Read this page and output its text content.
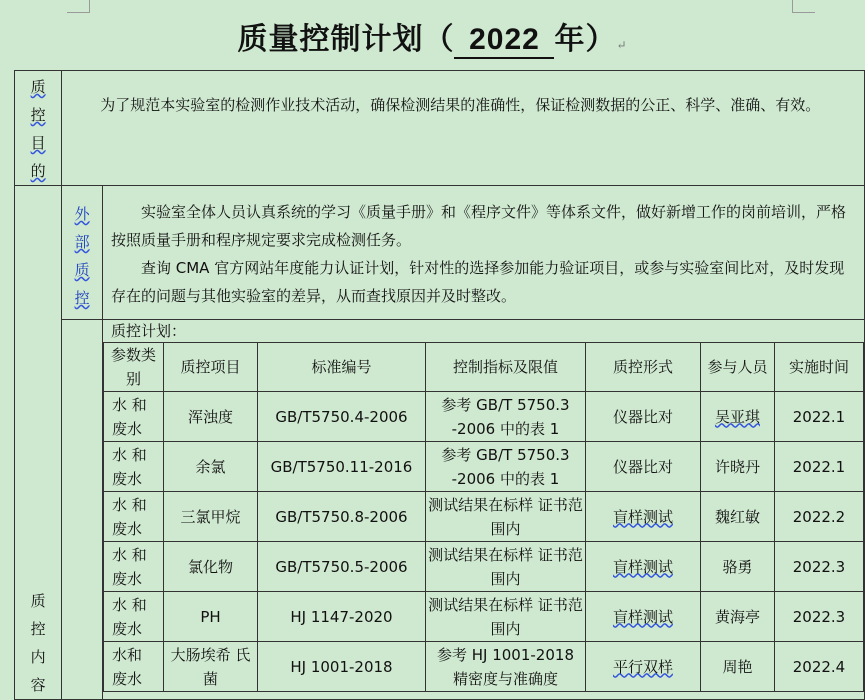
质量控制计划（ 2022 年）↵
质
控
目
的

为了规范本实验室的检测作业技术活动，确保检测结果的准确性，保证检测数据的公正、科学、准确、有效。

质
控
内
容

外
部
质
控

实验室全体人员认真系统的学习《质量手册》和《程序文件》等体系文件，做好新增工作的岗前培训，严格按照质量手册和程序规定要求完成检测任务。

查询 CMA 官方网站年度能力认证计划，针对性的选择参加能力验证项目，或参与实验室间比对，及时发现存在的问题与其他实验室的差异，从而查找原因并及时整改。

质控计划：
参数类别	质控项目	标准编号	控制指标及限值	质控形式	参与人员	实施时间
水 和 废水	浑浊度	GB/T5750.4-2006	参考 GB/T 5750.3 -2006 中的表 1	仪器比对	吴亚琪	2022.1
水 和 废水	余氯	GB/T5750.11-2016	参考 GB/T 5750.3 -2006 中的表 1	仪器比对	许晓丹	2022.1
水 和 废水	三氯甲烷	GB/T5750.8-2006	测试结果在标样 证书范围内	盲样测试	魏红敏	2022.2
水 和 废水	氯化物	GB/T5750.5-2006	测试结果在标样 证书范围内	盲样测试	骆勇	2022.3
水 和 废水	PH	HJ 1147-2020	测试结果在标样 证书范围内	盲样测试	黄海亭	2022.3
水和 废水	大肠埃希 氏菌	HJ 1001-2018	参考 HJ 1001-2018 精密度与准确度	平行双样	周艳	2022.4
